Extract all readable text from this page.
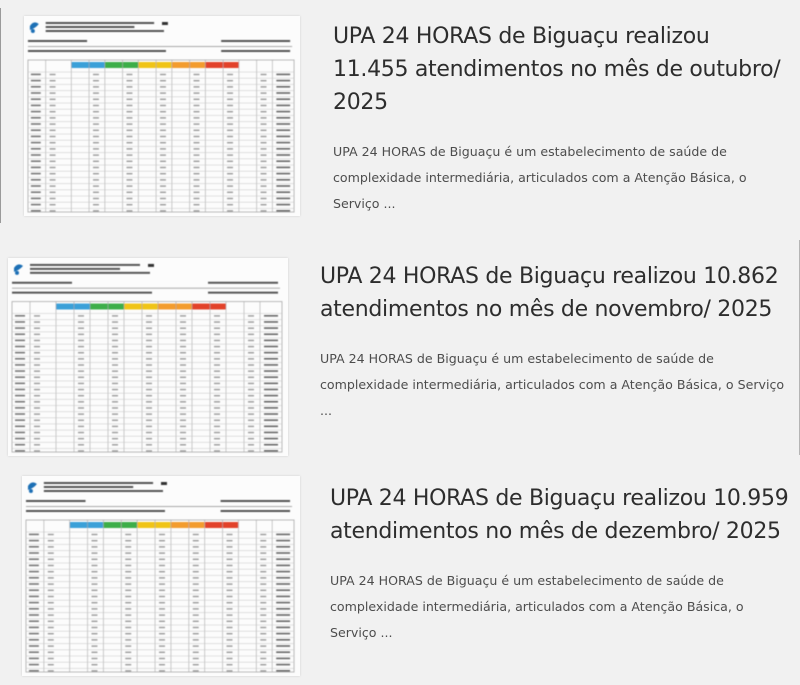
UPA 24 HORAS de Biguaçu realizou 11.455 atendimentos no mês de outubro/ 2025

UPA 24 HORAS de Biguaçu é um estabelecimento de saúde de complexidade intermediária, articulados com a Atenção Básica, o Serviço ...

UPA 24 HORAS de Biguaçu realizou 10.862 atendimentos no mês de novembro/ 2025

UPA 24 HORAS de Biguaçu é um estabelecimento de saúde de complexidade intermediária, articulados com a Atenção Básica, o Serviço ...

UPA 24 HORAS de Biguaçu realizou 10.959 atendimentos no mês de dezembro/ 2025

UPA 24 HORAS de Biguaçu é um estabelecimento de saúde de complexidade intermediária, articulados com a Atenção Básica, o Serviço ...
